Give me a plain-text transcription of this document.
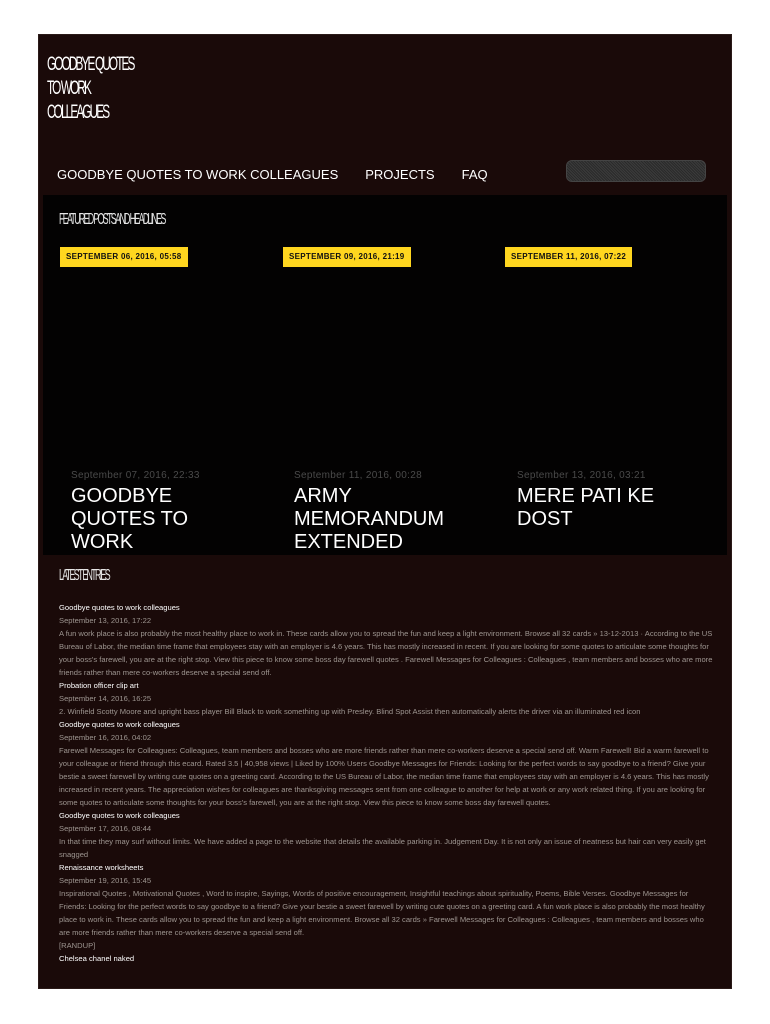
GOODBYE QUOTES
TO WORK
COLLEAGUES
GOODBYE QUOTES TO WORK COLLEAGUES PROJECTS FAQ
FEATURED POSTS AND HEADLINES
SEPTEMBER 06, 2016, 05:58	SEPTEMBER 09, 2016, 21:19	SEPTEMBER 11, 2016, 07:22
September 07, 2016, 22:33
GOODBYE QUOTES TO WORK
September 11, 2016, 00:28
ARMY MEMORANDUM EXTENDED
September 13, 2016, 03:21
MERE PATI KE DOST
LATEST ENTRIES

Goodbye quotes to work colleagues

September 13, 2016, 17:22

A fun work place is also probably the most healthy place to work in. These cards allow you to spread the fun and keep a light environment. Browse all 32 cards » 13-12-2013 · According to the US Bureau of Labor, the median time frame that employees stay with an employer is 4.6 years. This has mostly increased in recent. If you are looking for some quotes to articulate some thoughts for your boss's farewell, you are at the right stop. View this piece to know some boss day farewell quotes . Farewell Messages for Colleagues : Colleagues , team members and bosses who are more friends rather than mere co-workers deserve a special send off.

Probation officer clip art

September 14, 2016, 16:25

2. Winfield Scotty Moore and upright bass player Bill Black to work something up with Presley. Blind Spot Assist then automatically alerts the driver via an illuminated red icon

Goodbye quotes to work colleagues

September 16, 2016, 04:02

Farewell Messages for Colleagues: Colleagues, team members and bosses who are more friends rather than mere co-workers deserve a special send off. Warm Farewell! Bid a warm farewell to your colleague or friend through this ecard. Rated 3.5 | 40,958 views | Liked by 100% Users Goodbye Messages for Friends: Looking for the perfect words to say goodbye to a friend? Give your bestie a sweet farewell by writing cute quotes on a greeting card. According to the US Bureau of Labor, the median time frame that employees stay with an employer is 4.6 years. This has mostly increased in recent years. The appreciation wishes for colleagues are thanksgiving messages sent from one colleague to another for help at work or any work related thing. If you are looking for some quotes to articulate some thoughts for your boss's farewell, you are at the right stop. View this piece to know some boss day farewell quotes.

Goodbye quotes to work colleagues

September 17, 2016, 08:44

In that time they may surf without limits. We have added a page to the website that details the available parking in. Judgement Day. It is not only an issue of neatness but hair can very easily get snagged

Renaissance worksheets

September 19, 2016, 15:45

Inspirational Quotes , Motivational Quotes , Word to inspire, Sayings, Words of positive encouragement, Insightful teachings about spirituality, Poems, Bible Verses. Goodbye Messages for Friends: Looking for the perfect words to say goodbye to a friend? Give your bestie a sweet farewell by writing cute quotes on a greeting card. A fun work place is also probably the most healthy place to work in. These cards allow you to spread the fun and keep a light environment. Browse all 32 cards » Farewell Messages for Colleagues : Colleagues , team members and bosses who are more friends rather than mere co-workers deserve a special send off.

[RANDUP]

Chelsea chanel naked
